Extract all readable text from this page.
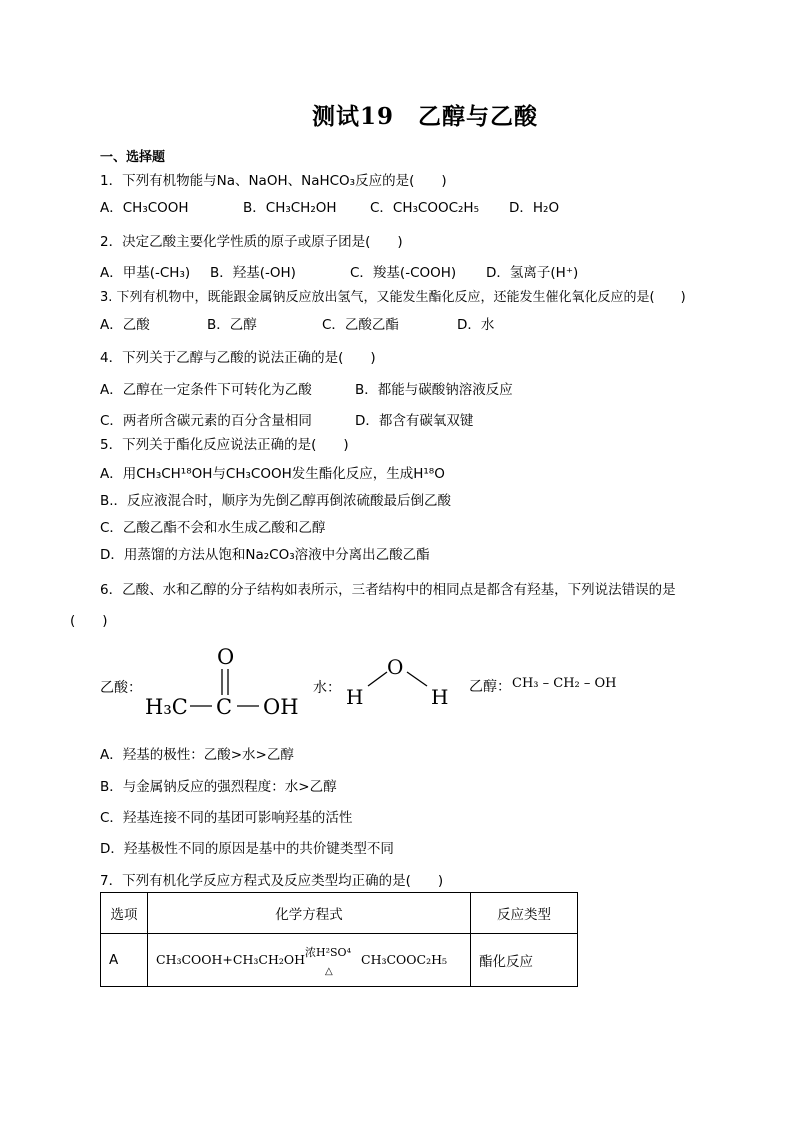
测试19　乙醇与乙酸
一、选择题
1．下列有机物能与Na、NaOH、NaHCO₃反应的是(　　)
A．CH₃COOH	B．CH₃CH₂OH C．CH₃COOC₂H₅ D．H₂O
2．决定乙酸主要化学性质的原子或原子团是(　　)
A．甲基(-CH₃) B．羟基(-OH)	C．羧基(-COOH) D．氢离子(H⁺)
3. 下列有机物中，既能跟金属钠反应放出氢气，又能发生酯化反应，还能发生催化氧化反应的是(　　)
A．乙酸	B．乙醇	C．乙酸乙酯	D．水
4．下列关于乙醇与乙酸的说法正确的是(　　)
A．乙醇在一定条件下可转化为乙酸	B．都能与碳酸钠溶液反应
C．两者所含碳元素的百分含量相同	D．都含有碳氧双键
5．下列关于酯化反应说法正确的是(　　)
A．用CH₃CH¹⁸OH与CH₃COOH发生酯化反应，生成H¹⁸O
B.．反应液混合时，顺序为先倒乙醇再倒浓硫酸最后倒乙酸
C．乙酸乙酯不会和水生成乙酸和乙醇
D．用蒸馏的方法从饱和Na₂CO₃溶液中分离出乙酸乙酯
6．乙酸、水和乙醇的分子结构如表所示，三者结构中的相同点是都含有羟基，下列说法错误的是
(　　)
乙酸：
O
H₃C C OH
水：
O
H	H 乙醇： CH₃ – CH₂ – OH
A．羟基的极性：乙酸>水>乙醇
B．与金属钠反应的强烈程度：水>乙醇
C．羟基连接不同的基团可影响羟基的活性
D．羟基极性不同的原因是基中的共价键类型不同
7．下列有机化学反应方程式及反应类型均正确的是(　　)
选项	化学方程式	反应类型
A	CH₃COOH+CH₃CH₂OH 浓H²SO⁴
△
CH₃COOC₂H₅	酯化反应
